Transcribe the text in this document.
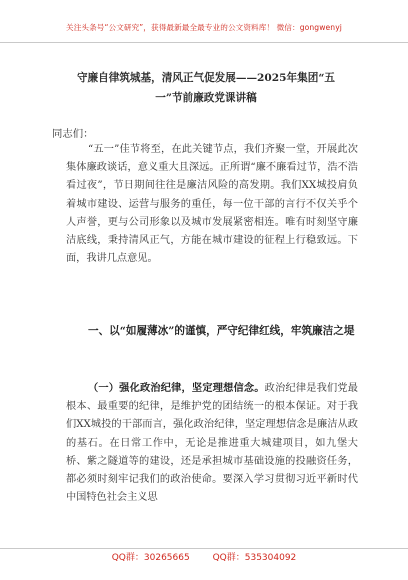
关注头条号“公文研究”，获得最新最全最专业的公文资料库！ 微信：gongwenyj
守廉自律筑城基，清风正气促发展——2025年集团“五
一”节前廉政党课讲稿
同志们：
“五一”佳节将至，在此关键节点，我们齐聚一堂，开展此次集体廉政谈话，意义重大且深远。正所谓“廉不廉看过节，浩不浩看过夜”，节日期间往往是廉洁风险的高发期。我们XX城投肩负着城市建设、运营与服务的重任，每一位干部的言行不仅关乎个人声誉，更与公司形象以及城市发展紧密相连。唯有时刻坚守廉洁底线，秉持清风正气，方能在城市建设的征程上行稳致远。下面，我讲几点意见。
一、以“如履薄冰”的谨慎，严守纪律红线，牢筑廉洁之堤
（一）强化政治纪律，坚定理想信念。政治纪律是我们党最根本、最重要的纪律，是维护党的团结统一的根本保证。对于我们XX城投的干部而言，强化政治纪律，坚定理想信念是廉洁从政的基石。在日常工作中，无论是推进重大城建项目，如九堡大桥、紫之隧道等的建设，还是承担城市基础设施的投融资任务，都必须时刻牢记我们的政治使命。要深入学习贯彻习近平新时代中国特色社会主义思
QQ群：30265665	QQ群：535304092
